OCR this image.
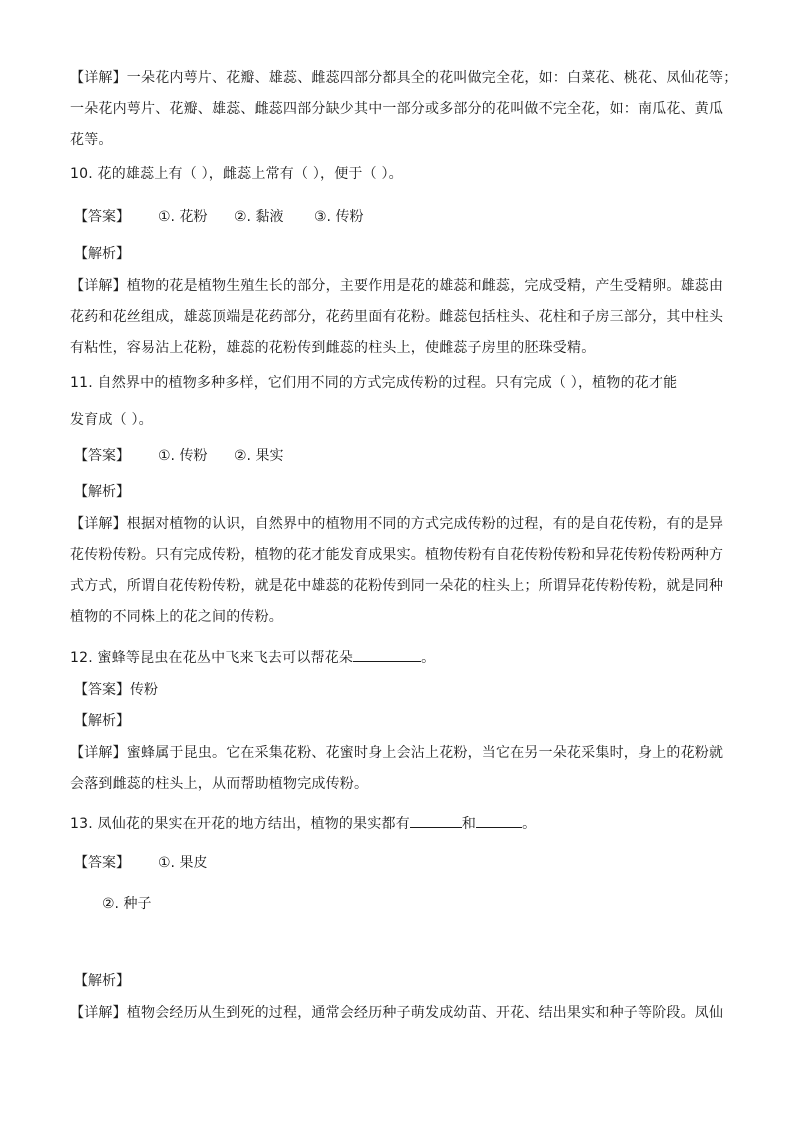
【详解】一朵花内萼片、花瓣、雄蕊、雌蕊四部分都具全的花叫做完全花，如：白菜花、桃花、凤仙花等；
一朵花内萼片、花瓣、雄蕊、雌蕊四部分缺少其中一部分或多部分的花叫做不完全花，如：南瓜花、黄瓜
花等。
10. 花的雄蕊上有（ ），雌蕊上常有（ ），便于（ ）。
【答案】 ①. 花粉 ②. 黏液 ③. 传粉
【解析】
【详解】植物的花是植物生殖生长的部分，主要作用是花的雄蕊和雌蕊，完成受精，产生受精卵。雄蕊由
花药和花丝组成，雄蕊顶端是花药部分，花药里面有花粉。雌蕊包括柱头、花柱和子房三部分，其中柱头
有粘性，容易沾上花粉，雄蕊的花粉传到雌蕊的柱头上，使雌蕊子房里的胚珠受精。
11. 自然界中的植物多种多样，它们用不同的方式完成传粉的过程。只有完成（ ），植物的花才能
发育成（ ）。
【答案】 ①. 传粉 ②. 果实
【解析】
【详解】根据对植物的认识，自然界中的植物用不同的方式完成传粉的过程，有的是自花传粉，有的是异
花传粉传粉。只有完成传粉，植物的花才能发育成果实。植物传粉有自花传粉传粉和异花传粉传粉两种方
式方式，所谓自花传粉传粉，就是花中雄蕊的花粉传到同一朵花的柱头上；所谓异花传粉传粉，就是同种
植物的不同株上的花之间的传粉。
12. 蜜蜂等昆虫在花丛中飞来飞去可以帮花朵	。
【答案】传粉
【解析】
【详解】蜜蜂属于昆虫。它在采集花粉、花蜜时身上会沾上花粉，当它在另一朵花采集时，身上的花粉就
会落到雌蕊的柱头上，从而帮助植物完成传粉。
13. 凤仙花的果实在开花的地方结出，植物的果实都有	和	。
【答案】 ①. 果皮
②. 种子
【解析】
【详解】植物会经历从生到死的过程，通常会经历种子萌发成幼苗、开花、结出果实和种子等阶段。凤仙
